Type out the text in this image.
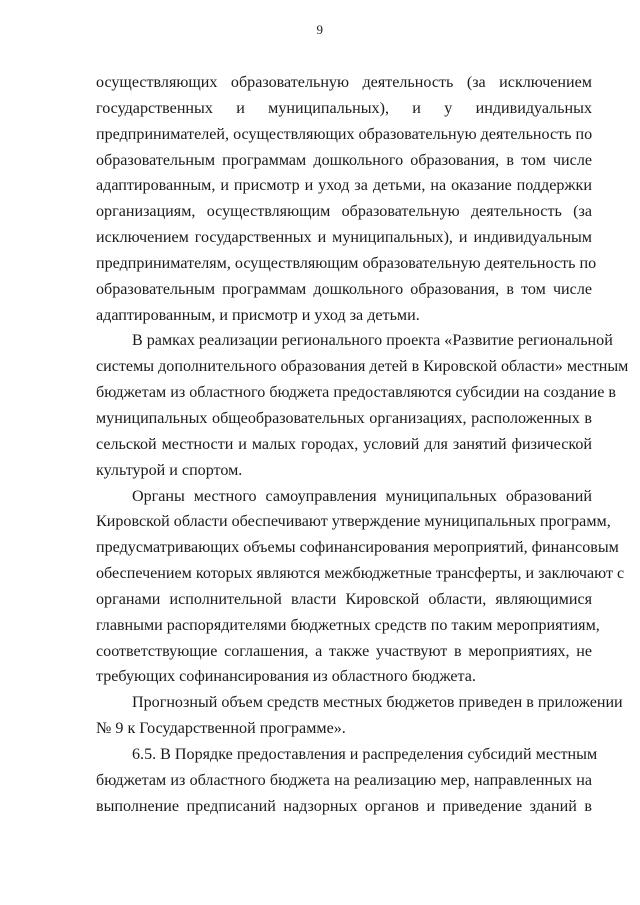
9

осуществляющих образовательную деятельность (за исключением
государственных и муниципальных), и у индивидуальных
предпринимателей, осуществляющих образовательную деятельность по
образовательным программам дошкольного образования, в том числе
адаптированным, и присмотр и уход за детьми, на оказание поддержки
организациям, осуществляющим образовательную деятельность (за
исключением государственных и муниципальных), и индивидуальным
предпринимателям, осуществляющим образовательную деятельность по
образовательным программам дошкольного образования, в том числе
адаптированным, и присмотр и уход за детьми.

В рамках реализации регионального проекта «Развитие региональной
системы дополнительного образования детей в Кировской области» местным
бюджетам из областного бюджета предоставляются субсидии на создание в
муниципальных общеобразовательных организациях, расположенных в
сельской местности и малых городах, условий для занятий физической
культурой и спортом.

Органы местного самоуправления муниципальных образований
Кировской области обеспечивают утверждение муниципальных программ,
предусматривающих объемы софинансирования мероприятий, финансовым
обеспечением которых являются межбюджетные трансферты, и заключают с
органами исполнительной власти Кировской области, являющимися
главными распорядителями бюджетных средств по таким мероприятиям,
соответствующие соглашения, а также участвуют в мероприятиях, не
требующих софинансирования из областного бюджета.

Прогнозный объем средств местных бюджетов приведен в приложении
№ 9 к Государственной программе».

6.5. В Порядке предоставления и распределения субсидий местным
бюджетам из областного бюджета на реализацию мер, направленных на
выполнение предписаний надзорных органов и приведение зданий в
